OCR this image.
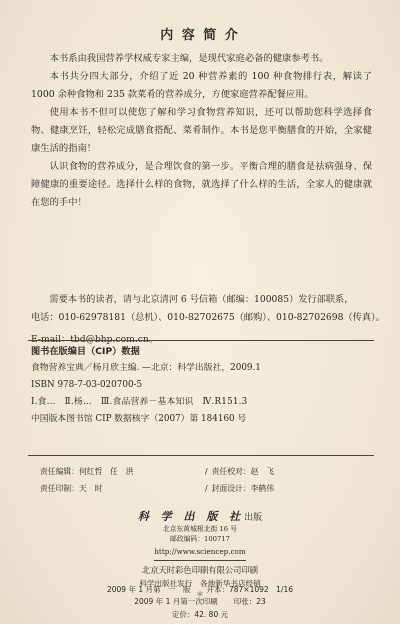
内 容 简 介

本书系由我国营养学权威专家主编，是现代家庭必备的健康参考书。

本书共分四大部分，介绍了近 20 种营养素的 100 种食物排行表，解读了 1000 余种食物和 235 款菜肴的营养成分，方便家庭营养配餐应用。

使用本书不但可以使您了解和学习食物营养知识，还可以帮助您科学选择食物、健康烹饪，轻松完成膳食搭配、菜肴制作。本书是您平衡膳食的开始，全家健康生活的指南！

认识食物的营养成分，是合理饮食的第一步。平衡合理的膳食是祛病强身、保障健康的重要途径。选择什么样的食物，就选择了什么样的生活，全家人的健康就在您的手中！

需要本书的读者，请与北京清河 6 号信箱（邮编：100085）发行部联系，
电话：010-62978181（总机）、010-82702675（邮购）、010-82702698（传真）。
E-mail：tbd@bhp.com.cn。
图书在版编目（CIP）数据
食物营养宝典／杨月欣主编. —北京：科学出版社，2009.1
ISBN 978-7-03-020700-5
Ⅰ.食…　Ⅱ.杨…　Ⅲ.食品营养－基本知识　Ⅳ.R151.3
中国版本图书馆 CIP 数据核字（2007）第 184160 号
责任编辑：何红哲　任　洪	/ 责任校对：赵　飞
责任印制：天　时	/ 封面设计：李鹤伟
科 学 出 版 社出版
北京东黄城根北街 16 号
邮政编码：100717
http://www.sciencep.com
北京天时彩色印刷有限公司印刷
科学出版社发行　各地新华书店经销
＊
2009 年 1 月第　一　版 开本：787×1092　1/16
2009 年 1 月第一次印刷 印张：23
定价：42. 80 元
